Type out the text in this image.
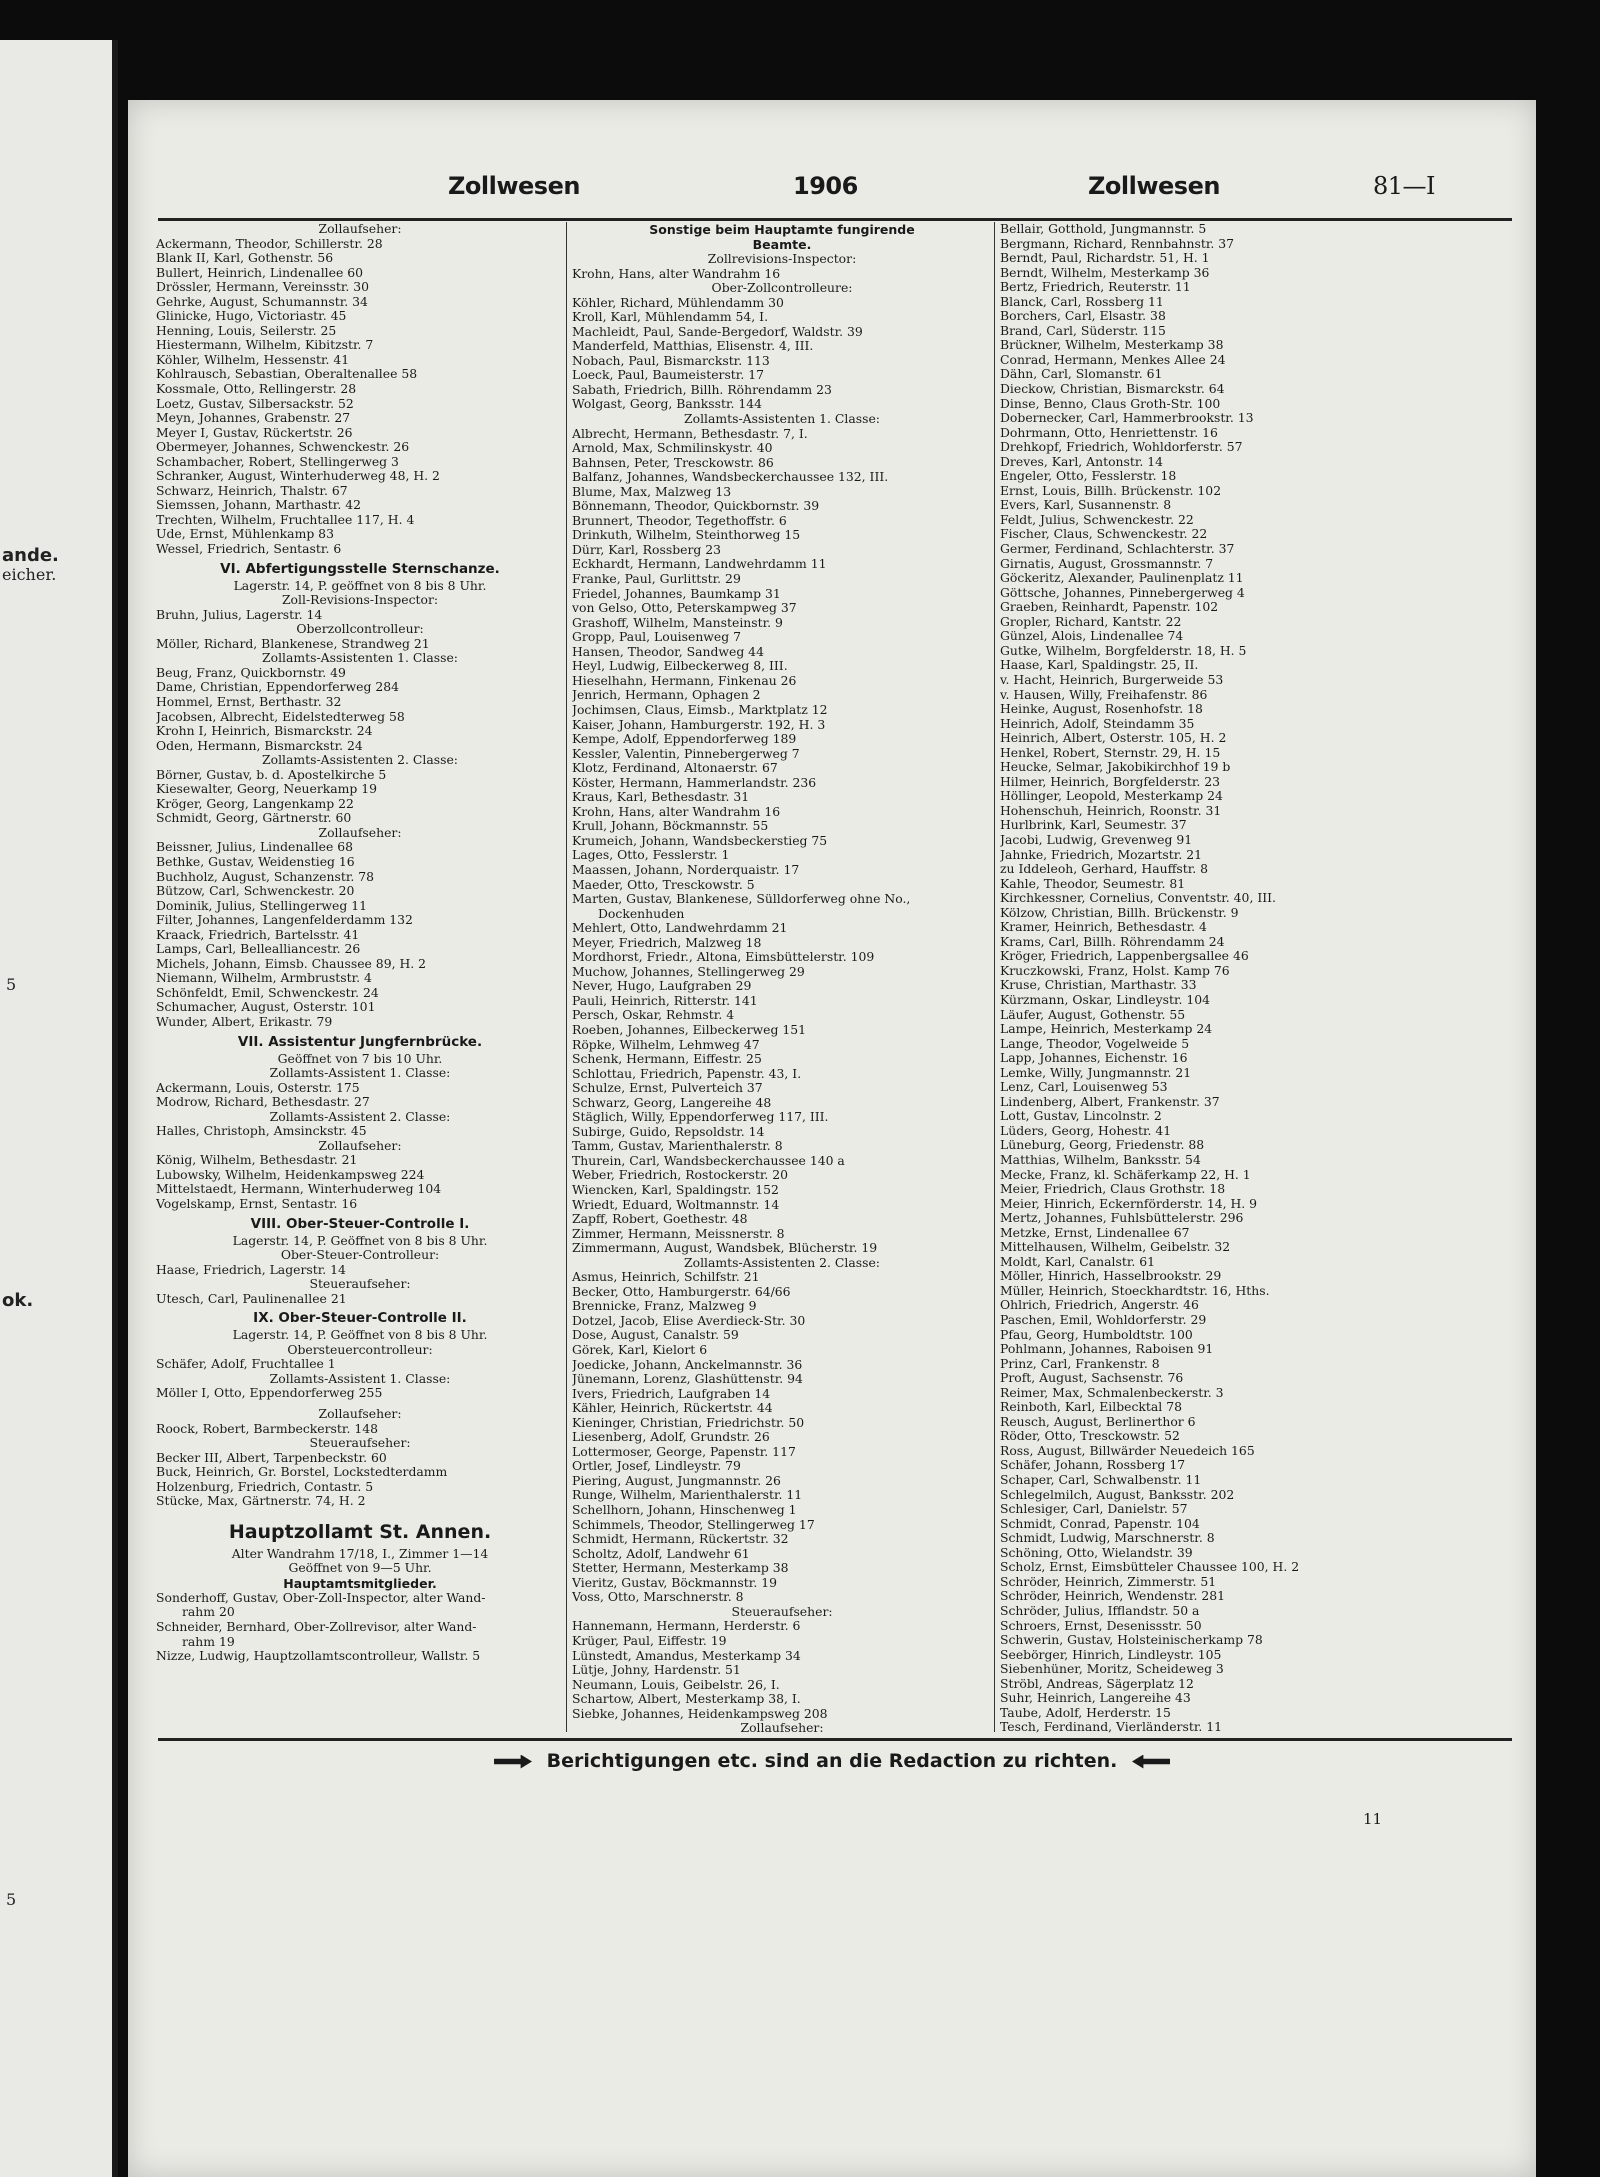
ande.
eicher.
5
ok.
5
Zollwesen	1906	Zollwesen	81—I
Zollaufseher:
Ackermann, Theodor, Schillerstr. 28
Blank II, Karl, Gothenstr. 56
Bullert, Heinrich, Lindenallee 60
Drössler, Hermann, Vereinsstr. 30
Gehrke, August, Schumannstr. 34
Glinicke, Hugo, Victoriastr. 45
Henning, Louis, Seilerstr. 25
Hiestermann, Wilhelm, Kibitzstr. 7
Köhler, Wilhelm, Hessenstr. 41
Kohlrausch, Sebastian, Oberaltenallee 58
Kossmale, Otto, Rellingerstr. 28
Loetz, Gustav, Silbersackstr. 52
Meyn, Johannes, Grabenstr. 27
Meyer I, Gustav, Rückertstr. 26
Obermeyer, Johannes, Schwenckestr. 26
Schambacher, Robert, Stellingerweg 3
Schranker, August, Winterhuderweg 48, H. 2
Schwarz, Heinrich, Thalstr. 67
Siemssen, Johann, Marthastr. 42
Trechten, Wilhelm, Fruchtallee 117, H. 4
Ude, Ernst, Mühlenkamp 83
Wessel, Friedrich, Sentastr. 6
VI. Abfertigungsstelle Sternschanze.
Lagerstr. 14, P. geöffnet von 8 bis 8 Uhr.
Zoll-Revisions-Inspector:
Bruhn, Julius, Lagerstr. 14
Oberzollcontrolleur:
Möller, Richard, Blankenese, Strandweg 21
Zollamts-Assistenten 1. Classe:
Beug, Franz, Quickbornstr. 49
Dame, Christian, Eppendorferweg 284
Hommel, Ernst, Berthastr. 32
Jacobsen, Albrecht, Eidelstedterweg 58
Krohn I, Heinrich, Bismarckstr. 24
Oden, Hermann, Bismarckstr. 24
Zollamts-Assistenten 2. Classe:
Börner, Gustav, b. d. Apostelkirche 5
Kiesewalter, Georg, Neuerkamp 19
Kröger, Georg, Langenkamp 22
Schmidt, Georg, Gärtnerstr. 60
Zollaufseher:
Beissner, Julius, Lindenallee 68
Bethke, Gustav, Weidenstieg 16
Buchholz, August, Schanzenstr. 78
Bützow, Carl, Schwenckestr. 20
Dominik, Julius, Stellingerweg 11
Filter, Johannes, Langenfelderdamm 132
Kraack, Friedrich, Bartelsstr. 41
Lamps, Carl, Bellealliancestr. 26
Michels, Johann, Eimsb. Chaussee 89, H. 2
Niemann, Wilhelm, Armbruststr. 4
Schönfeldt, Emil, Schwenckestr. 24
Schumacher, August, Osterstr. 101
Wunder, Albert, Erikastr. 79
VII. Assistentur Jungfernbrücke.
Geöffnet von 7 bis 10 Uhr.
Zollamts-Assistent 1. Classe:
Ackermann, Louis, Osterstr. 175
Modrow, Richard, Bethesdastr. 27
Zollamts-Assistent 2. Classe:
Halles, Christoph, Amsinckstr. 45
Zollaufseher:
König, Wilhelm, Bethesdastr. 21
Lubowsky, Wilhelm, Heidenkampsweg 224
Mittelstaedt, Hermann, Winterhuderweg 104
Vogelskamp, Ernst, Sentastr. 16
VIII. Ober-Steuer-Controlle I.
Lagerstr. 14, P. Geöffnet von 8 bis 8 Uhr.
Ober-Steuer-Controlleur:
Haase, Friedrich, Lagerstr. 14
Steueraufseher:
Utesch, Carl, Paulinenallee 21
IX. Ober-Steuer-Controlle II.
Lagerstr. 14, P. Geöffnet von 8 bis 8 Uhr.
Obersteuercontrolleur:
Schäfer, Adolf, Fruchtallee 1
Zollamts-Assistent 1. Classe:
Möller I, Otto, Eppendorferweg 255
Zollaufseher:
Roock, Robert, Barmbeckerstr. 148
Steueraufseher:
Becker III, Albert, Tarpenbeckstr. 60
Buck, Heinrich, Gr. Borstel, Lockstedterdamm
Holzenburg, Friedrich, Contastr. 5
Stücke, Max, Gärtnerstr. 74, H. 2
Hauptzollamt St. Annen.
Alter Wandrahm 17/18, I., Zimmer 1—14
Geöffnet von 9—5 Uhr.
Hauptamtsmitglieder.
Sonderhoff, Gustav, Ober-Zoll-Inspector, alter Wand-
rahm 20
Schneider, Bernhard, Ober-Zollrevisor, alter Wand-
rahm 19
Nizze, Ludwig, Hauptzollamtscontrolleur, Wallstr. 5
Sonstige beim Hauptamte fungirende
Beamte.
Zollrevisions-Inspector:
Krohn, Hans, alter Wandrahm 16
Ober-Zollcontrolleure:
Köhler, Richard, Mühlendamm 30
Kroll, Karl, Mühlendamm 54, I.
Machleidt, Paul, Sande-Bergedorf, Waldstr. 39
Manderfeld, Matthias, Elisenstr. 4, III.
Nobach, Paul, Bismarckstr. 113
Loeck, Paul, Baumeisterstr. 17
Sabath, Friedrich, Billh. Röhrendamm 23
Wolgast, Georg, Banksstr. 144
Zollamts-Assistenten 1. Classe:
Albrecht, Hermann, Bethesdastr. 7, I.
Arnold, Max, Schmilinskystr. 40
Bahnsen, Peter, Tresckowstr. 86
Balfanz, Johannes, Wandsbeckerchaussee 132, III.
Blume, Max, Malzweg 13
Bönnemann, Theodor, Quickbornstr. 39
Brunnert, Theodor, Tegethoffstr. 6
Drinkuth, Wilhelm, Steinthorweg 15
Dürr, Karl, Rossberg 23
Eckhardt, Hermann, Landwehrdamm 11
Franke, Paul, Gurlittstr. 29
Friedel, Johannes, Baumkamp 31
von Gelso, Otto, Peterskampweg 37
Grashoff, Wilhelm, Mansteinstr. 9
Gropp, Paul, Louisenweg 7
Hansen, Theodor, Sandweg 44
Heyl, Ludwig, Eilbeckerweg 8, III.
Hieselhahn, Hermann, Finkenau 26
Jenrich, Hermann, Ophagen 2
Jochimsen, Claus, Eimsb., Marktplatz 12
Kaiser, Johann, Hamburgerstr. 192, H. 3
Kempe, Adolf, Eppendorferweg 189
Kessler, Valentin, Pinnebergerweg 7
Klotz, Ferdinand, Altonaerstr. 67
Köster, Hermann, Hammerlandstr. 236
Kraus, Karl, Bethesdastr. 31
Krohn, Hans, alter Wandrahm 16
Krull, Johann, Böckmannstr. 55
Krumeich, Johann, Wandsbeckerstieg 75
Lages, Otto, Fesslerstr. 1
Maassen, Johann, Norderquaistr. 17
Maeder, Otto, Tresckowstr. 5
Marten, Gustav, Blankenese, Sülldorferweg ohne No.,
Dockenhuden
Mehlert, Otto, Landwehrdamm 21
Meyer, Friedrich, Malzweg 18
Mordhorst, Friedr., Altona, Eimsbüttelerstr. 109
Muchow, Johannes, Stellingerweg 29
Never, Hugo, Laufgraben 29
Pauli, Heinrich, Ritterstr. 141
Persch, Oskar, Rehmstr. 4
Roeben, Johannes, Eilbeckerweg 151
Röpke, Wilhelm, Lehmweg 47
Schenk, Hermann, Eiffestr. 25
Schlottau, Friedrich, Papenstr. 43, I.
Schulze, Ernst, Pulverteich 37
Schwarz, Georg, Langereihe 48
Stäglich, Willy, Eppendorferweg 117, III.
Subirge, Guido, Repsoldstr. 14
Tamm, Gustav, Marienthalerstr. 8
Thurein, Carl, Wandsbeckerchaussee 140 a
Weber, Friedrich, Rostockerstr. 20
Wiencken, Karl, Spaldingstr. 152
Wriedt, Eduard, Woltmannstr. 14
Zapff, Robert, Goethestr. 48
Zimmer, Hermann, Meissnerstr. 8
Zimmermann, August, Wandsbek, Blücherstr. 19
Zollamts-Assistenten 2. Classe:
Asmus, Heinrich, Schilfstr. 21
Becker, Otto, Hamburgerstr. 64/66
Brennicke, Franz, Malzweg 9
Dotzel, Jacob, Elise Averdieck-Str. 30
Dose, August, Canalstr. 59
Görek, Karl, Kielort 6
Joedicke, Johann, Anckelmannstr. 36
Jünemann, Lorenz, Glashüttenstr. 94
Ivers, Friedrich, Laufgraben 14
Kähler, Heinrich, Rückertstr. 44
Kieninger, Christian, Friedrichstr. 50
Liesenberg, Adolf, Grundstr. 26
Lottermoser, George, Papenstr. 117
Ortler, Josef, Lindleystr. 79
Piering, August, Jungmannstr. 26
Runge, Wilhelm, Marienthalerstr. 11
Schellhorn, Johann, Hinschenweg 1
Schimmels, Theodor, Stellingerweg 17
Schmidt, Hermann, Rückertstr. 32
Scholtz, Adolf, Landwehr 61
Stetter, Hermann, Mesterkamp 38
Vieritz, Gustav, Böckmannstr. 19
Voss, Otto, Marschnerstr. 8
Steueraufseher:
Hannemann, Hermann, Herderstr. 6
Krüger, Paul, Eiffestr. 19
Lünstedt, Amandus, Mesterkamp 34
Lütje, Johny, Hardenstr. 51
Neumann, Louis, Geibelstr. 26, I.
Schartow, Albert, Mesterkamp 38, I.
Siebke, Johannes, Heidenkampsweg 208
Zollaufseher:
Bellair, Gotthold, Jungmannstr. 5
Bergmann, Richard, Rennbahnstr. 37
Berndt, Paul, Richardstr. 51, H. 1
Berndt, Wilhelm, Mesterkamp 36
Bertz, Friedrich, Reuterstr. 11
Blanck, Carl, Rossberg 11
Borchers, Carl, Elsastr. 38
Brand, Carl, Süderstr. 115
Brückner, Wilhelm, Mesterkamp 38
Conrad, Hermann, Menkes Allee 24
Dähn, Carl, Slomanstr. 61
Dieckow, Christian, Bismarckstr. 64
Dinse, Benno, Claus Groth-Str. 100
Dobernecker, Carl, Hammerbrookstr. 13
Dohrmann, Otto, Henriettenstr. 16
Drehkopf, Friedrich, Wohldorferstr. 57
Dreves, Karl, Antonstr. 14
Engeler, Otto, Fesslerstr. 18
Ernst, Louis, Billh. Brückenstr. 102
Evers, Karl, Susannenstr. 8
Feldt, Julius, Schwenckestr. 22
Fischer, Claus, Schwenckestr. 22
Germer, Ferdinand, Schlachterstr. 37
Girnatis, August, Grossmannstr. 7
Göckeritz, Alexander, Paulinenplatz 11
Göttsche, Johannes, Pinnebergerweg 4
Graeben, Reinhardt, Papenstr. 102
Gropler, Richard, Kantstr. 22
Günzel, Alois, Lindenallee 74
Gutke, Wilhelm, Borgfelderstr. 18, H. 5
Haase, Karl, Spaldingstr. 25, II.
v. Hacht, Heinrich, Burgerweide 53
v. Hausen, Willy, Freihafenstr. 86
Heinke, August, Rosenhofstr. 18
Heinrich, Adolf, Steindamm 35
Heinrich, Albert, Osterstr. 105, H. 2
Henkel, Robert, Sternstr. 29, H. 15
Heucke, Selmar, Jakobikirchhof 19 b
Hilmer, Heinrich, Borgfelderstr. 23
Höllinger, Leopold, Mesterkamp 24
Hohenschuh, Heinrich, Roonstr. 31
Hurlbrink, Karl, Seumestr. 37
Jacobi, Ludwig, Grevenweg 91
Jahnke, Friedrich, Mozartstr. 21
zu Iddeleoh, Gerhard, Hauffstr. 8
Kahle, Theodor, Seumestr. 81
Kirchkessner, Cornelius, Conventstr. 40, III.
Kölzow, Christian, Billh. Brückenstr. 9
Kramer, Heinrich, Bethesdastr. 4
Krams, Carl, Billh. Röhrendamm 24
Kröger, Friedrich, Lappenbergsallee 46
Kruczkowski, Franz, Holst. Kamp 76
Kruse, Christian, Marthastr. 33
Kürzmann, Oskar, Lindleystr. 104
Läufer, August, Gothenstr. 55
Lampe, Heinrich, Mesterkamp 24
Lange, Theodor, Vogelweide 5
Lapp, Johannes, Eichenstr. 16
Lemke, Willy, Jungmannstr. 21
Lenz, Carl, Louisenweg 53
Lindenberg, Albert, Frankenstr. 37
Lott, Gustav, Lincolnstr. 2
Lüders, Georg, Hohestr. 41
Lüneburg, Georg, Friedenstr. 88
Matthias, Wilhelm, Banksstr. 54
Mecke, Franz, kl. Schäferkamp 22, H. 1
Meier, Friedrich, Claus Grothstr. 18
Meier, Hinrich, Eckernförderstr. 14, H. 9
Mertz, Johannes, Fuhlsbüttelerstr. 296
Metzke, Ernst, Lindenallee 67
Mittelhausen, Wilhelm, Geibelstr. 32
Moldt, Karl, Canalstr. 61
Möller, Hinrich, Hasselbrookstr. 29
Müller, Heinrich, Stoeckhardtstr. 16, Hths.
Ohlrich, Friedrich, Angerstr. 46
Paschen, Emil, Wohldorferstr. 29
Pfau, Georg, Humboldtstr. 100
Pohlmann, Johannes, Raboisen 91
Prinz, Carl, Frankenstr. 8
Proft, August, Sachsenstr. 76
Reimer, Max, Schmalenbeckerstr. 3
Reinboth, Karl, Eilbecktal 78
Reusch, August, Berlinerthor 6
Röder, Otto, Tresckowstr. 52
Ross, August, Billwärder Neuedeich 165
Schäfer, Johann, Rossberg 17
Schaper, Carl, Schwalbenstr. 11
Schlegelmilch, August, Banksstr. 202
Schlesiger, Carl, Danielstr. 57
Schmidt, Conrad, Papenstr. 104
Schmidt, Ludwig, Marschnerstr. 8
Schöning, Otto, Wielandstr. 39
Scholz, Ernst, Eimsbütteler Chaussee 100, H. 2
Schröder, Heinrich, Zimmerstr. 51
Schröder, Heinrich, Wendenstr. 281
Schröder, Julius, Ifflandstr. 50 a
Schroers, Ernst, Desenissstr. 50
Schwerin, Gustav, Holsteinischerkamp 78
Seebörger, Hinrich, Lindleystr. 105
Siebenhüner, Moritz, Scheideweg 3
Ströbl, Andreas, Sägerplatz 12
Suhr, Heinrich, Langereihe 43
Taube, Adolf, Herderstr. 15
Tesch, Ferdinand, Vierländerstr. 11
Berichtigungen etc. sind an die Redaction zu richten.
11
